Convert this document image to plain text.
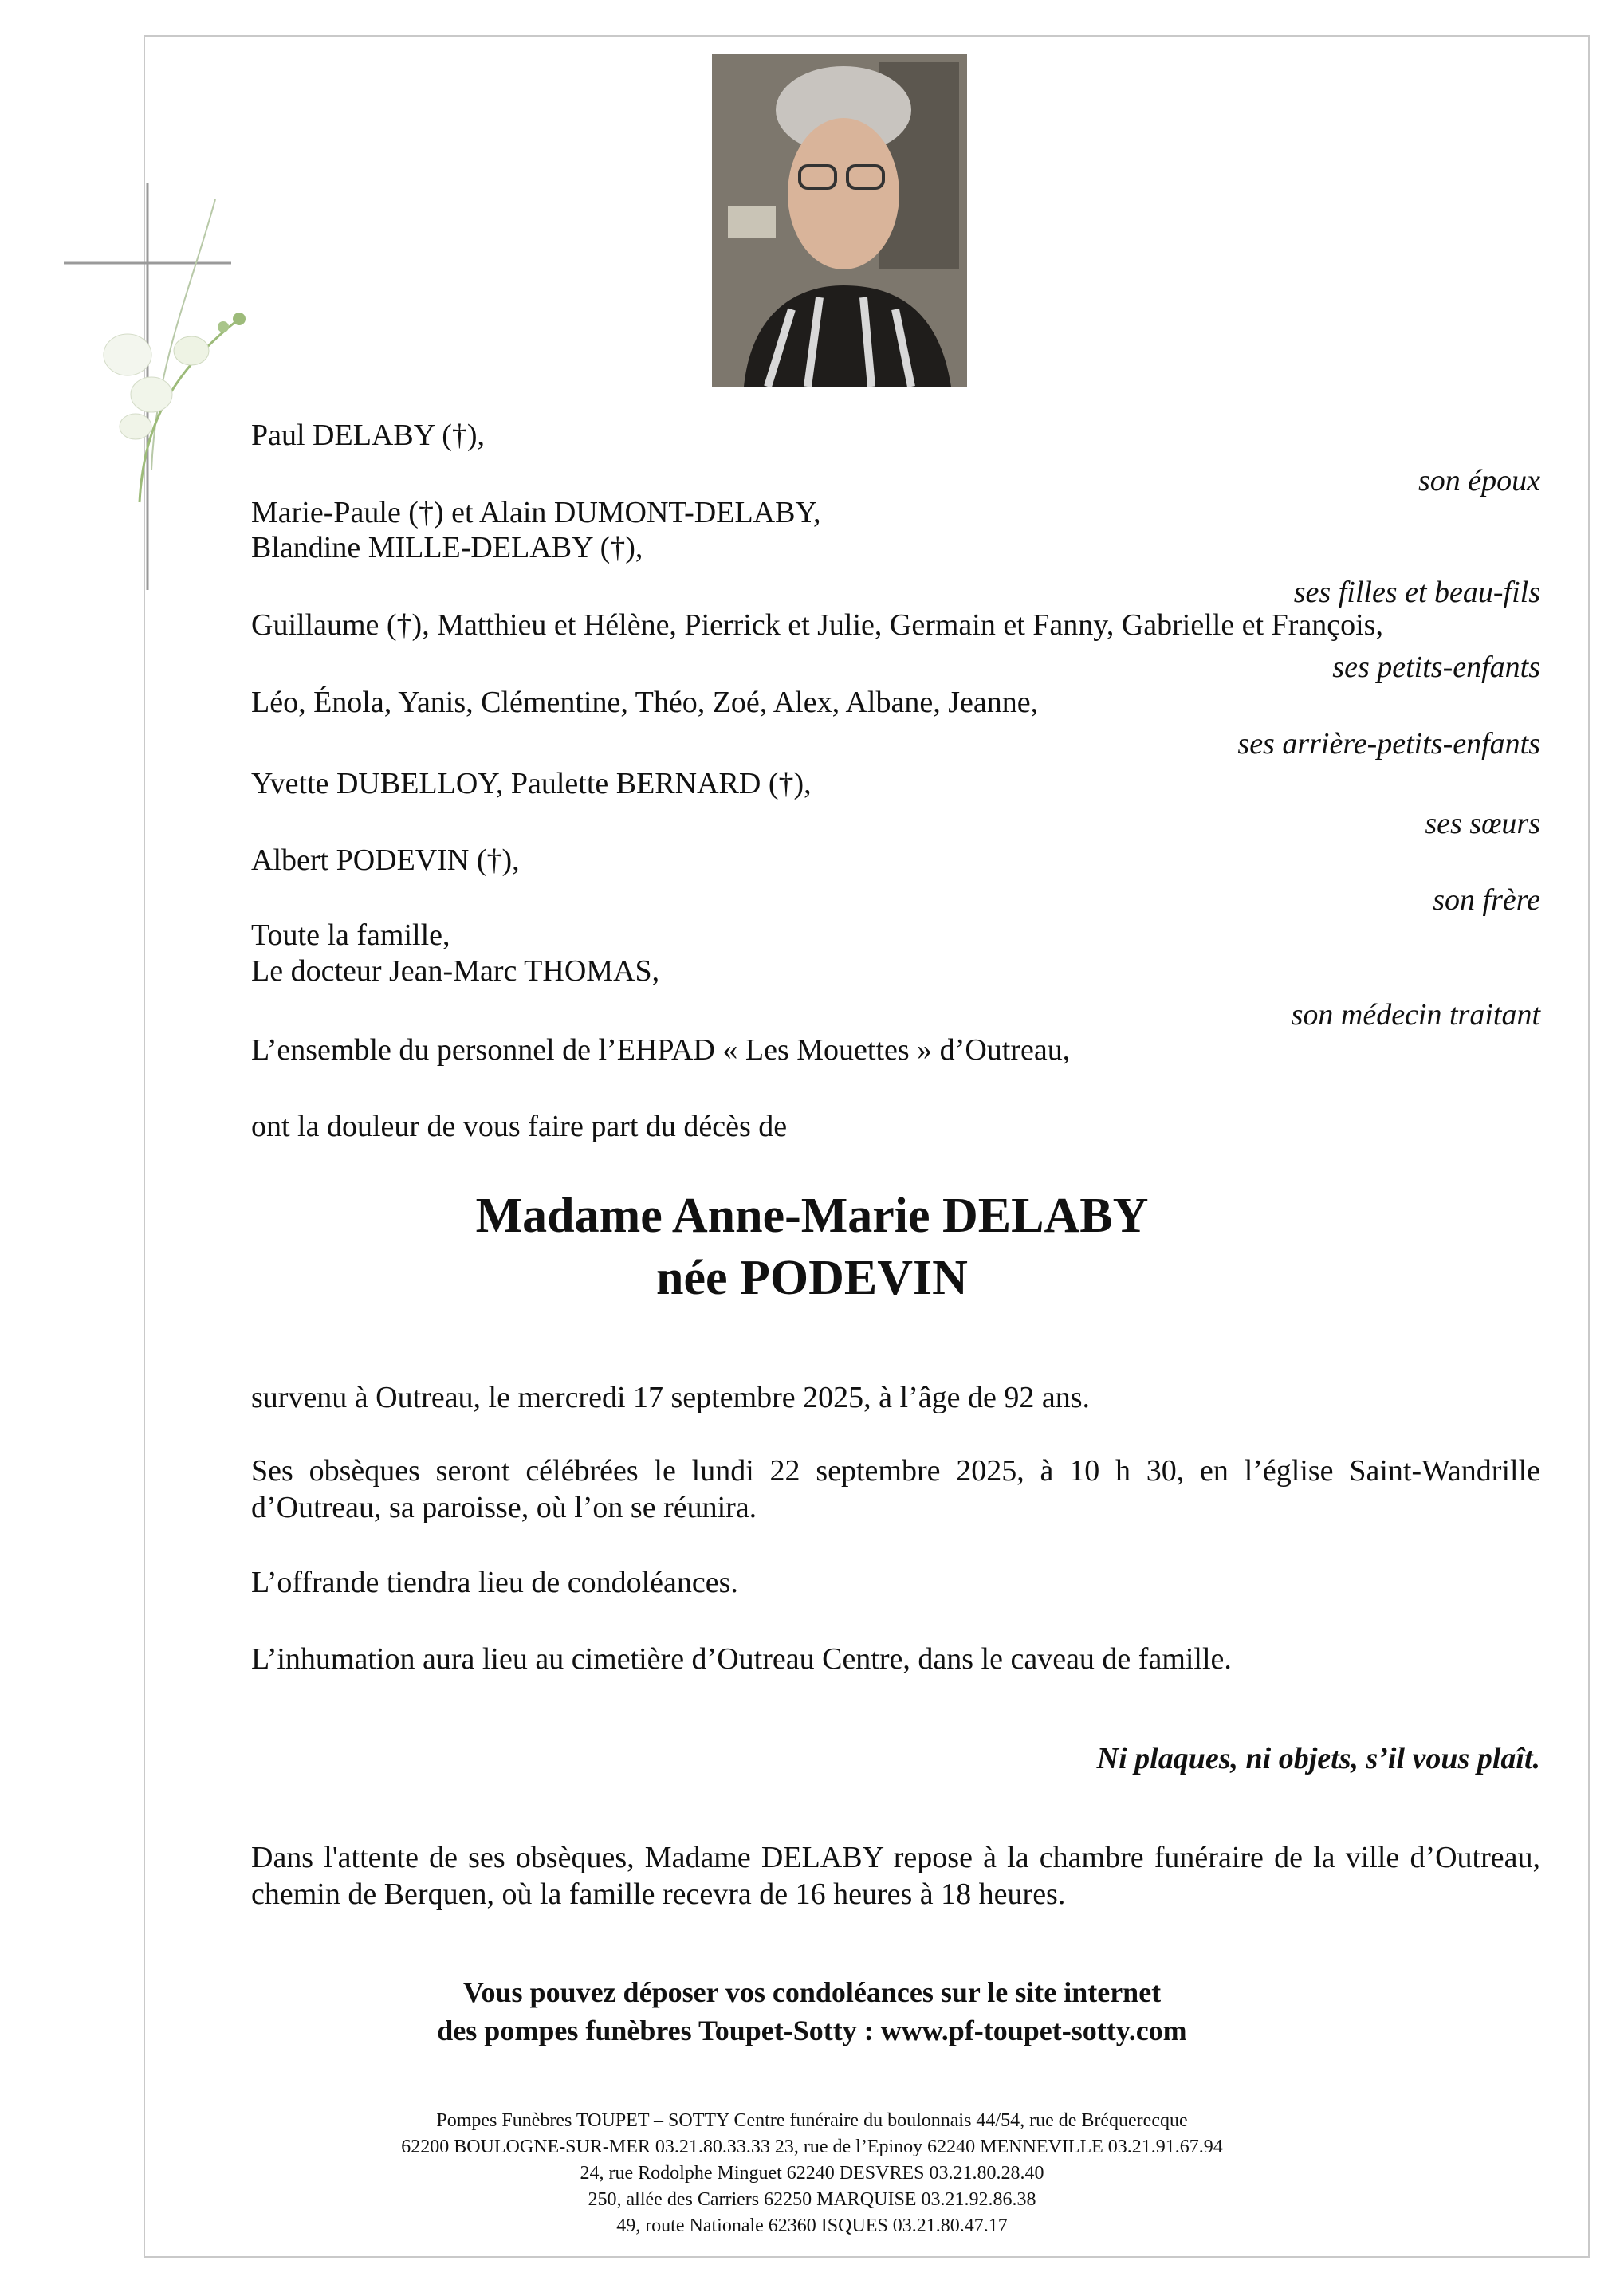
Paul DELABY (†),
son époux
Marie-Paule (†) et Alain DUMONT-DELABY,
Blandine MILLE-DELABY (†),
ses filles et beau-fils
Guillaume (†), Matthieu et Hélène, Pierrick et Julie, Germain et Fanny, Gabrielle et François,
ses petits-enfants
Léo, Énola, Yanis, Clémentine, Théo, Zoé, Alex, Albane, Jeanne,
ses arrière-petits-enfants
Yvette DUBELLOY, Paulette BERNARD (†),
ses sœurs
Albert PODEVIN (†),
son frère
Toute la famille,
Le docteur Jean-Marc THOMAS,
son médecin traitant
L’ensemble du personnel de l’EHPAD « Les Mouettes » d’Outreau,
ont la douleur de vous faire part du décès de
Madame Anne-Marie DELABY
née PODEVIN
survenu à Outreau, le mercredi 17 septembre 2025, à l’âge de 92 ans.
Ses obsèques seront célébrées le lundi 22 septembre 2025, à 10 h 30, en l’église Saint-Wandrille d’Outreau, sa paroisse, où l’on se réunira.
L’offrande tiendra lieu de condoléances.
L’inhumation aura lieu au cimetière d’Outreau Centre, dans le caveau de famille.
Ni plaques, ni objets, s’il vous plaît.
Dans l'attente de ses obsèques, Madame DELABY repose à la chambre funéraire de la ville d’Outreau, chemin de Berquen, où la famille recevra de 16 heures à 18 heures.
Vous pouvez déposer vos condoléances sur le site internet
des pompes funèbres Toupet-Sotty : www.pf-toupet-sotty.com
Pompes Funèbres TOUPET – SOTTY Centre funéraire du boulonnais 44/54, rue de Bréquerecque
62200 BOULOGNE-SUR-MER 03.21.80.33.33 23, rue de l’Epinoy 62240 MENNEVILLE 03.21.91.67.94
24, rue Rodolphe Minguet 62240 DESVRES 03.21.80.28.40
250, allée des Carriers 62250 MARQUISE 03.21.92.86.38
49, route Nationale 62360 ISQUES 03.21.80.47.17
